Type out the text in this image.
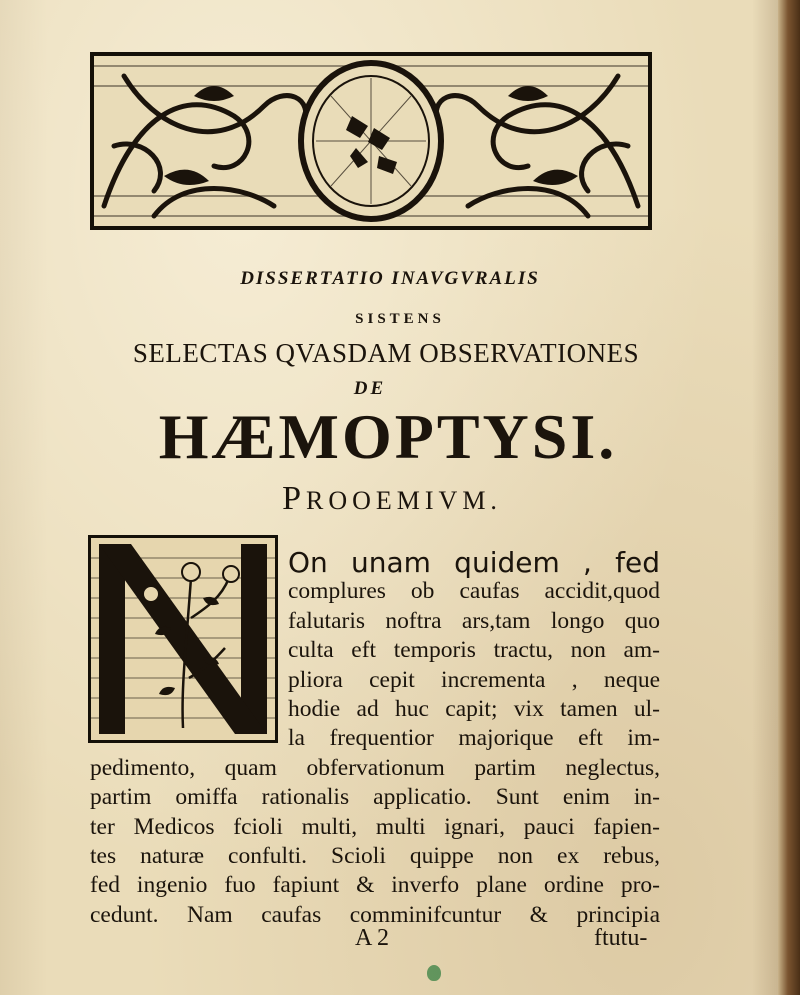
DISSERTATIO INAVGVRALIS
SISTENS
SELECTAS QVASDAM OBSERVATIONES
DE
HÆMOPTYSI.
PROOEMIVM.
On unam quidem , fed
complures ob caufas accidit,quod
falutaris noftra ars,tam longo quo
culta eft temporis tractu, non am-
pliora cepit incrementa , neque
hodie ad huc capit; vix tamen ul-
la frequentior majorique eft im-
pedimento, quam obfervationum partim neglectus,
partim omiffa rationalis applicatio. Sunt enim in-
ter Medicos fcioli multi, multi ignari, pauci fapien-
tes naturæ confulti. Scioli quippe non ex rebus,
fed ingenio fuo fapiunt & inverfo plane ordine pro-
cedunt. Nam caufas comminifcuntur & principia
A 2	ftutu-
